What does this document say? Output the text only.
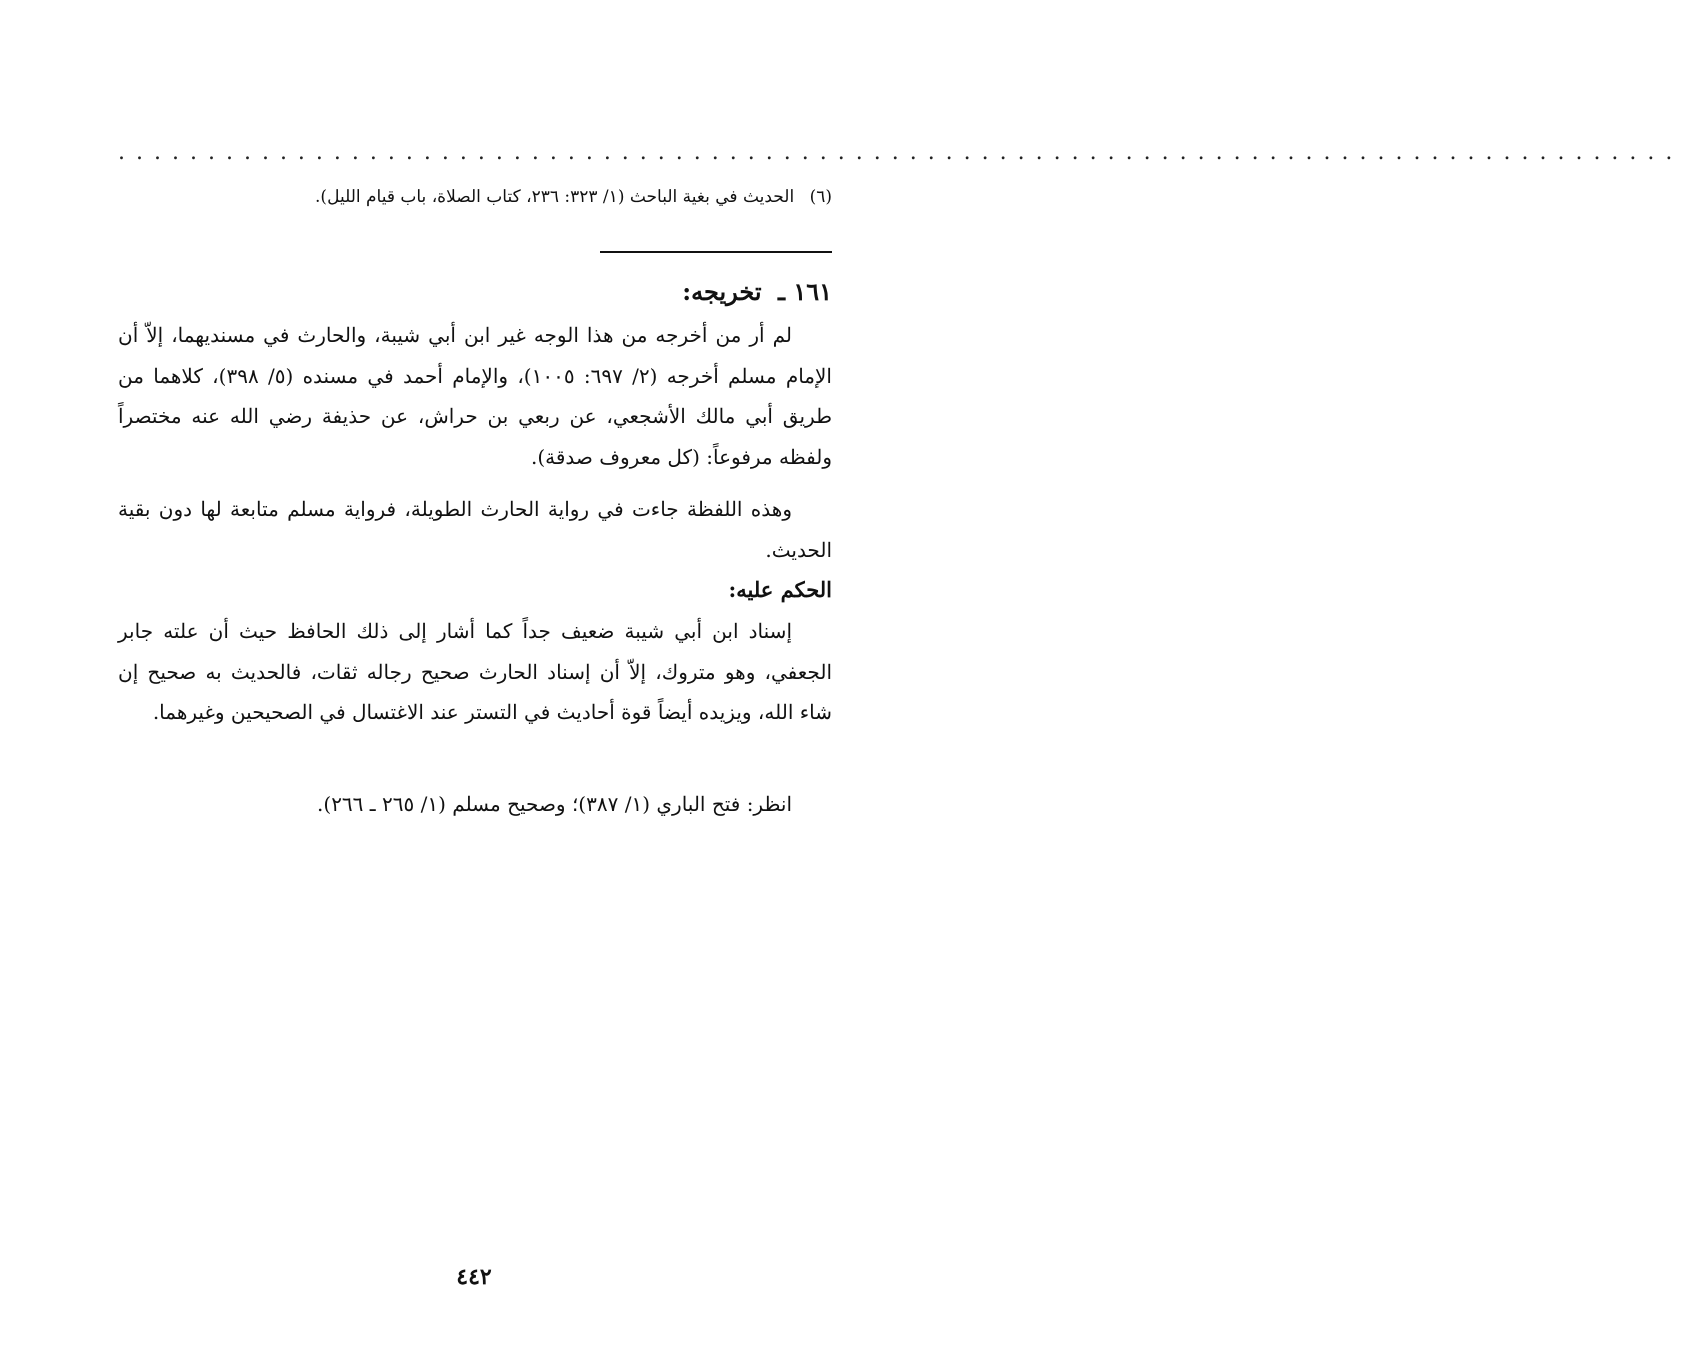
.......................................................................................
(٦) الحديث في بغية الباحث (١/ ٣٢٣: ٢٣٦، كتاب الصلاة، باب قيام الليل).
١٦١ ـ تخريجه:

لم أر من أخرجه من هذا الوجه غير ابن أبي شيبة، والحارث في مسنديهما، إلاّ أن الإمام مسلم أخرجه (٢/ ٦٩٧: ١٠٠٥)، والإمام أحمد في مسنده (٥/ ٣٩٨)، كلاهما من طريق أبي مالك الأشجعي، عن ربعي بن حراش، عن حذيفة رضي الله عنه مختصراً ولفظه مرفوعاً: (كل معروف صدقة).

وهذه اللفظة جاءت في رواية الحارث الطويلة، فرواية مسلم متابعة لها دون بقية الحديث.

الحكم عليه:

إسناد ابن أبي شيبة ضعيف جداً كما أشار إلى ذلك الحافظ حيث أن علته جابر الجعفي، وهو متروك، إلاّ أن إسناد الحارث صحيح رجاله ثقات، فالحديث به صحيح إن شاء الله، ويزيده أيضاً قوة أحاديث في التستر عند الاغتسال في الصحيحين وغيرهما.

انظر: فتح الباري (١/ ٣٨٧)؛ وصحيح مسلم (١/ ٢٦٥ ـ ٢٦٦).

٤٤٢
